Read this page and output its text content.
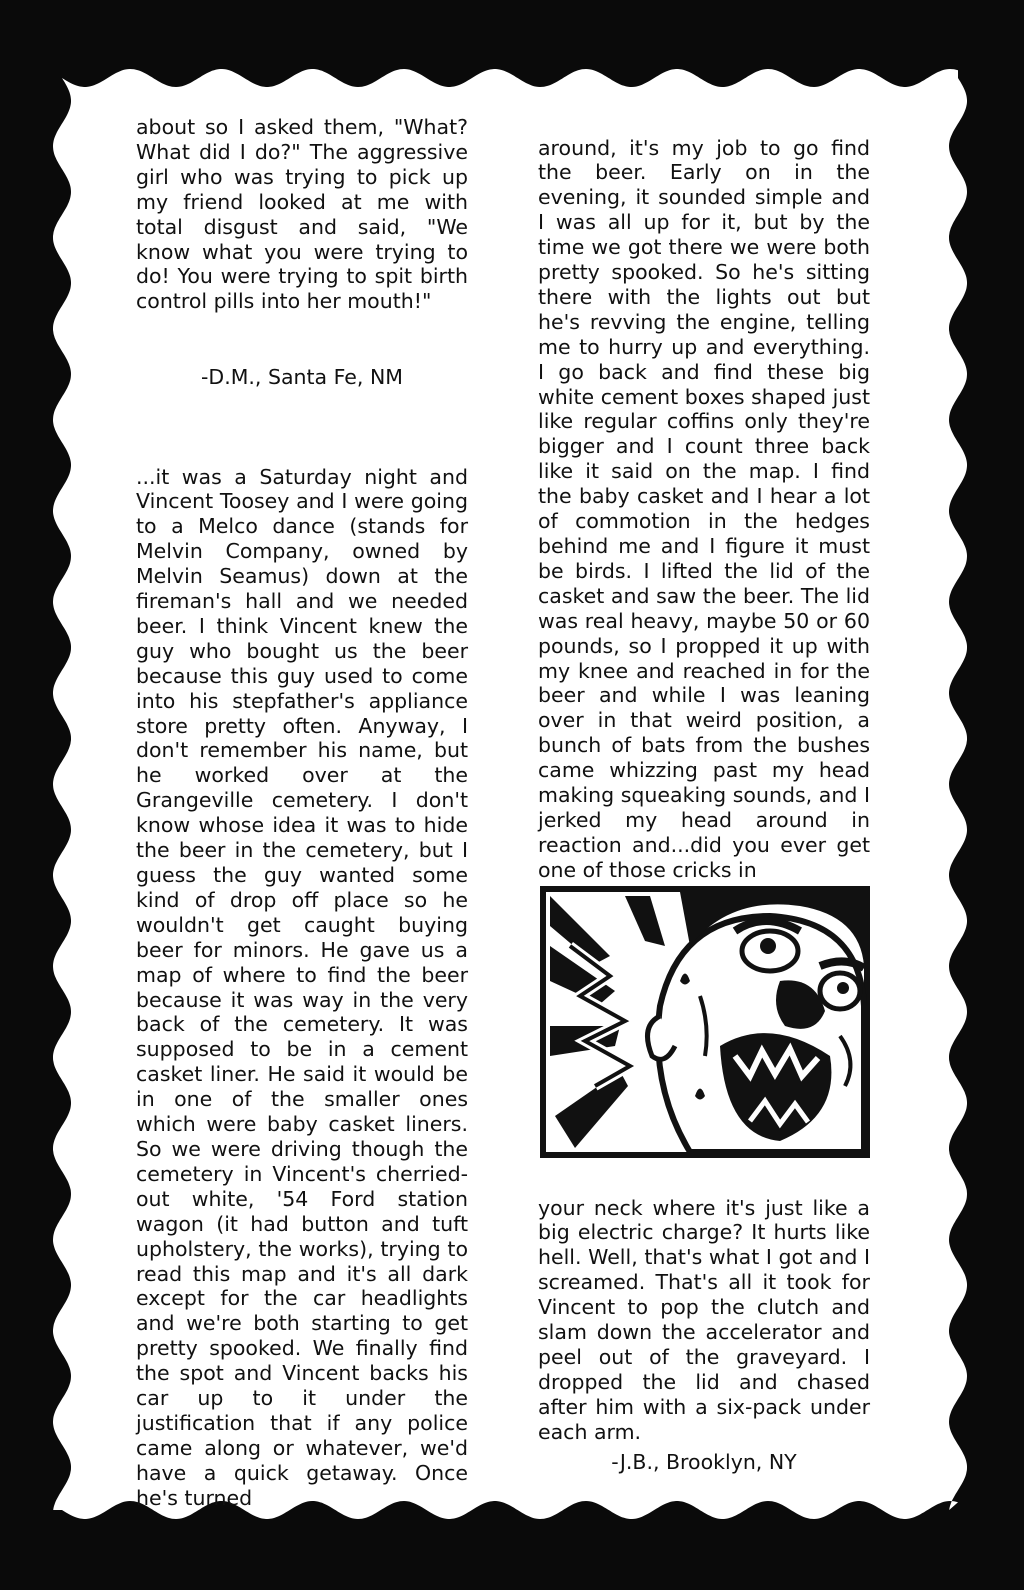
about so I asked them, "What? What did I do?" The aggressive girl who was trying to pick up my friend looked at me with total disgust and said, "We know what you were trying to do! You were trying to spit birth control pills into her mouth!"

-D.M., Santa Fe, NM

...it was a Saturday night and Vincent Toosey and I were going to a Melco dance (stands for Melvin Company, owned by Melvin Seamus) down at the fireman's hall and we needed beer. I think Vincent knew the guy who bought us the beer because this guy used to come into his stepfather's appliance store pretty often. Anyway, I don't remember his name, but he worked over at the Grangeville cemetery. I don't know whose idea it was to hide the beer in the cemetery, but I guess the guy wanted some kind of drop off place so he wouldn't get caught buying beer for minors. He gave us a map of where to find the beer because it was way in the very back of the cemetery. It was supposed to be in a cement casket liner. He said it would be in one of the smaller ones which were baby casket liners. So we were driving though the cemetery in Vincent's cherried-out white, '54 Ford station wagon (it had button and tuft upholstery, the works), trying to read this map and it's all dark except for the car headlights and we're both starting to get pretty spooked. We finally find the spot and Vincent backs his car up to it under the justification that if any police came along or whatever, we'd have a quick getaway. Once he's turned

around, it's my job to go find the beer. Early on in the evening, it sounded simple and I was all up for it, but by the time we got there we were both pretty spooked. So he's sitting there with the lights out but he's revving the engine, telling me to hurry up and everything. I go back and find these big white cement boxes shaped just like regular coffins only they're bigger and I count three back like it said on the map. I find the baby casket and I hear a lot of commotion in the hedges behind me and I figure it must be birds. I lifted the lid of the casket and saw the beer. The lid was real heavy, maybe 50 or 60 pounds, so I propped it up with my knee and reached in for the beer and while I was leaning over in that weird position, a bunch of bats from the bushes came whizzing past my head making squeaking sounds, and I jerked my head around in reaction and...did you ever get one of those cricks in

your neck where it's just like a big electric charge? It hurts like hell. Well, that's what I got and I screamed. That's all it took for Vincent to pop the clutch and slam down the accelerator and peel out of the graveyard. I dropped the lid and chased after him with a six-pack under each arm.

-J.B., Brooklyn, NY
